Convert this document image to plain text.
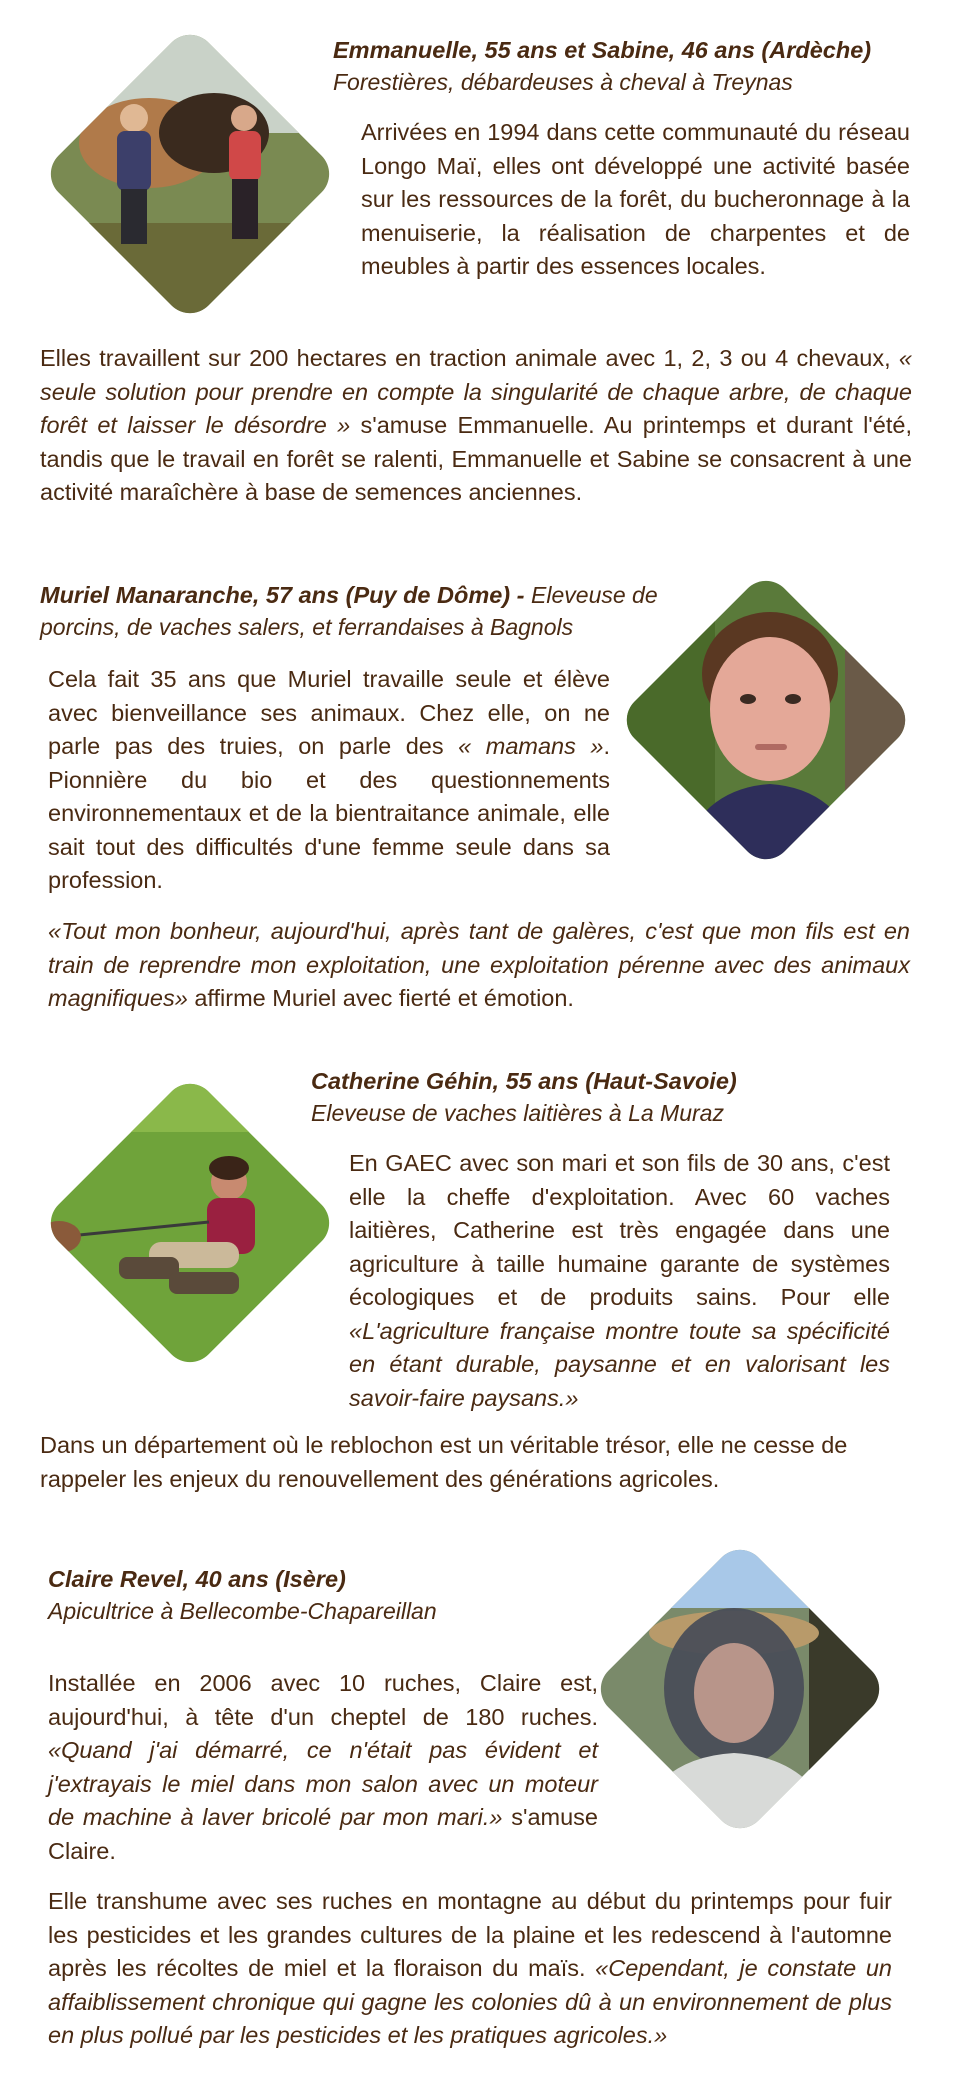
Emmanuelle, 55 ans et Sabine, 46 ans (Ardèche)
Forestières, débardeuses à cheval à Treynas
Arrivées en 1994 dans cette communauté du réseau Longo Maï, elles ont développé une activité basée sur les ressources de la forêt, du bucheronnage à la menuiserie, la réalisation de charpentes et de meubles à partir des essences locales.
Elles travaillent sur 200 hectares en traction animale avec 1, 2, 3 ou 4 chevaux, « seule solution pour prendre en compte la singularité de chaque arbre, de chaque forêt et laisser le désordre » s'amuse Emmanuelle. Au printemps et durant l'été, tandis que le travail en forêt se ralenti, Emmanuelle et Sabine se consacrent à une activité maraîchère à base de semences anciennes.
Muriel Manaranche, 57 ans (Puy de Dôme) - Eleveuse de porcins, de vaches salers, et ferrandaises à Bagnols
Cela fait 35 ans que Muriel travaille seule et élève avec bienveillance ses animaux. Chez elle, on ne parle pas des truies, on parle des « mamans ». Pionnière du bio et des questionnements environnementaux et de la bientraitance animale, elle sait tout des difficultés d'une femme seule dans sa profession.
«Tout mon bonheur, aujourd'hui, après tant de galères, c'est que mon fils est en train de reprendre mon exploitation, une exploitation pérenne avec des animaux magnifiques» affirme Muriel avec fierté et émotion.
Catherine Géhin, 55 ans (Haut-Savoie)
Eleveuse de vaches laitières à La Muraz
En GAEC avec son mari et son fils de 30 ans, c'est elle la cheffe d'exploitation. Avec 60 vaches laitières, Catherine est très engagée dans une agriculture à taille humaine garante de systèmes écologiques et de produits sains. Pour elle «L'agriculture française montre toute sa spécificité en étant durable, paysanne et en valorisant les savoir-faire paysans.»
Dans un département où le reblochon est un véritable trésor, elle ne cesse de rappeler les enjeux du renouvellement des générations agricoles.
Claire Revel, 40 ans (Isère)
Apicultrice à Bellecombe-Chapareillan
Installée en 2006 avec 10 ruches, Claire est, aujourd'hui, à tête d'un cheptel de 180 ruches. «Quand j'ai démarré, ce n'était pas évident et j'extrayais le miel dans mon salon avec un moteur de machine à laver bricolé par mon mari.» s'amuse Claire.
Elle transhume avec ses ruches en montagne au début du printemps pour fuir les pesticides et les grandes cultures de la plaine et les redescend à l'automne après les récoltes de miel et la floraison du maïs. «Cependant, je constate un affaiblissement chronique qui gagne les colonies dû à un environnement de plus en plus pollué par les pesticides et les pratiques agricoles.»
